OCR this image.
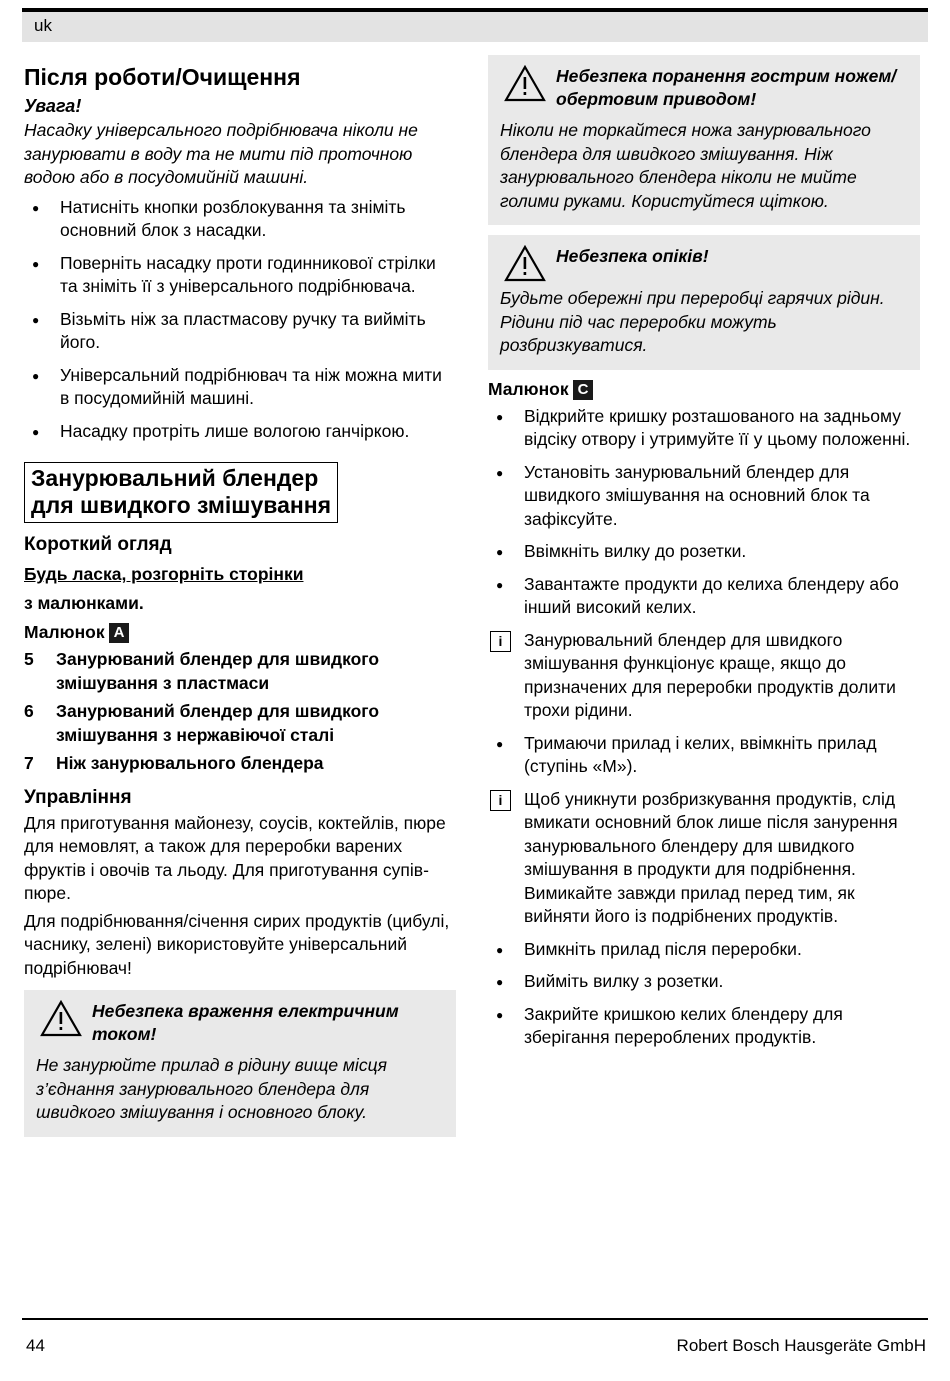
uk
Після роботи/Очищення
Увага!

Насадку універсального подрібнювача ніколи не занурювати в воду та не мити під проточною водою або в посудомийній машині.

● Натисніть кнопки розблокування та зніміть основний блок з насадки.
● Поверніть насадку проти годинникової стрілки та зніміть її з універсального подрібнювача.
● Візьміть ніж за пластмасову ручку та вийміть його.
● Універсальний подрібнювач та ніж можна мити в посудомийній машині.
● Насадку протріть лише вологою ганчіркою.
Занурювальний блендер
для швидкого змішування
Короткий огляд
Будь ласка, розгорніть сторінки
з малюнками.
Малюнок A
5 Занурюваний блендер для швидкого змішування з пластмаси
6 Занурюваний блендер для швидкого змішування з нержавіючої сталі
7 Ніж занурювального блендера
Управління

Для приготування майонезу, соусів, коктейлів, пюре для немовлят, а також для переробки варених фруктів і овочів та льоду. Для приготування супів-пюре.

Для подрібнювання/січення сирих продуктів (цибулі, часнику, зелені) використовуйте універсальний подрібнювач!

Небезпека враження електричним током!

Не занурюйте прилад в рідину вище місця з’єднання занурювального блендера для швидкого змішування і основного блоку.

Небезпека поранення гострим ножем/обертовим приводом!

Ніколи не торкайтеся ножа занурювального блендера для швидкого змішування. Ніж занурювального блендера ніколи не мийте голими руками. Користуйтеся щіткою.

Небезпека опіків!

Будьте обережні при переробці гарячих рідин. Рідини під час переробки можуть розбризкуватися.

Малюнок C
● Відкрийте кришку розташованого на задньому відсіку отвору і утримуйте її у цьому положенні.
● Установіть занурювальний блендер для швидкого змішування на основний блок та зафіксуйте.
● Ввімкніть вилку до розетки.
● Завантажте продукти до келиха блендеру або інший високий келих.
i	Занурювальний блендер для швидкого змішування функціонує краще, якщо до призначених для переробки продуктів долити трохи рідини.
● Тримаючи прилад і келих, ввімкніть прилад (ступінь «М»).
i	Щоб уникнути розбризкування продуктів, слід вмикати основний блок лише після занурення занурювального блендеру для швидкого змішування в продукти для подрібнення. Вимикайте завжди прилад перед тим, як вийняти його із подрібнених продуктів.
● Вимкніть прилад після переробки.
● Вийміть вилку з розетки.
● Закрийте кришкою келих блендеру для зберігання перероблених продуктів.
44	Robert Bosch Hausgeräte GmbH
